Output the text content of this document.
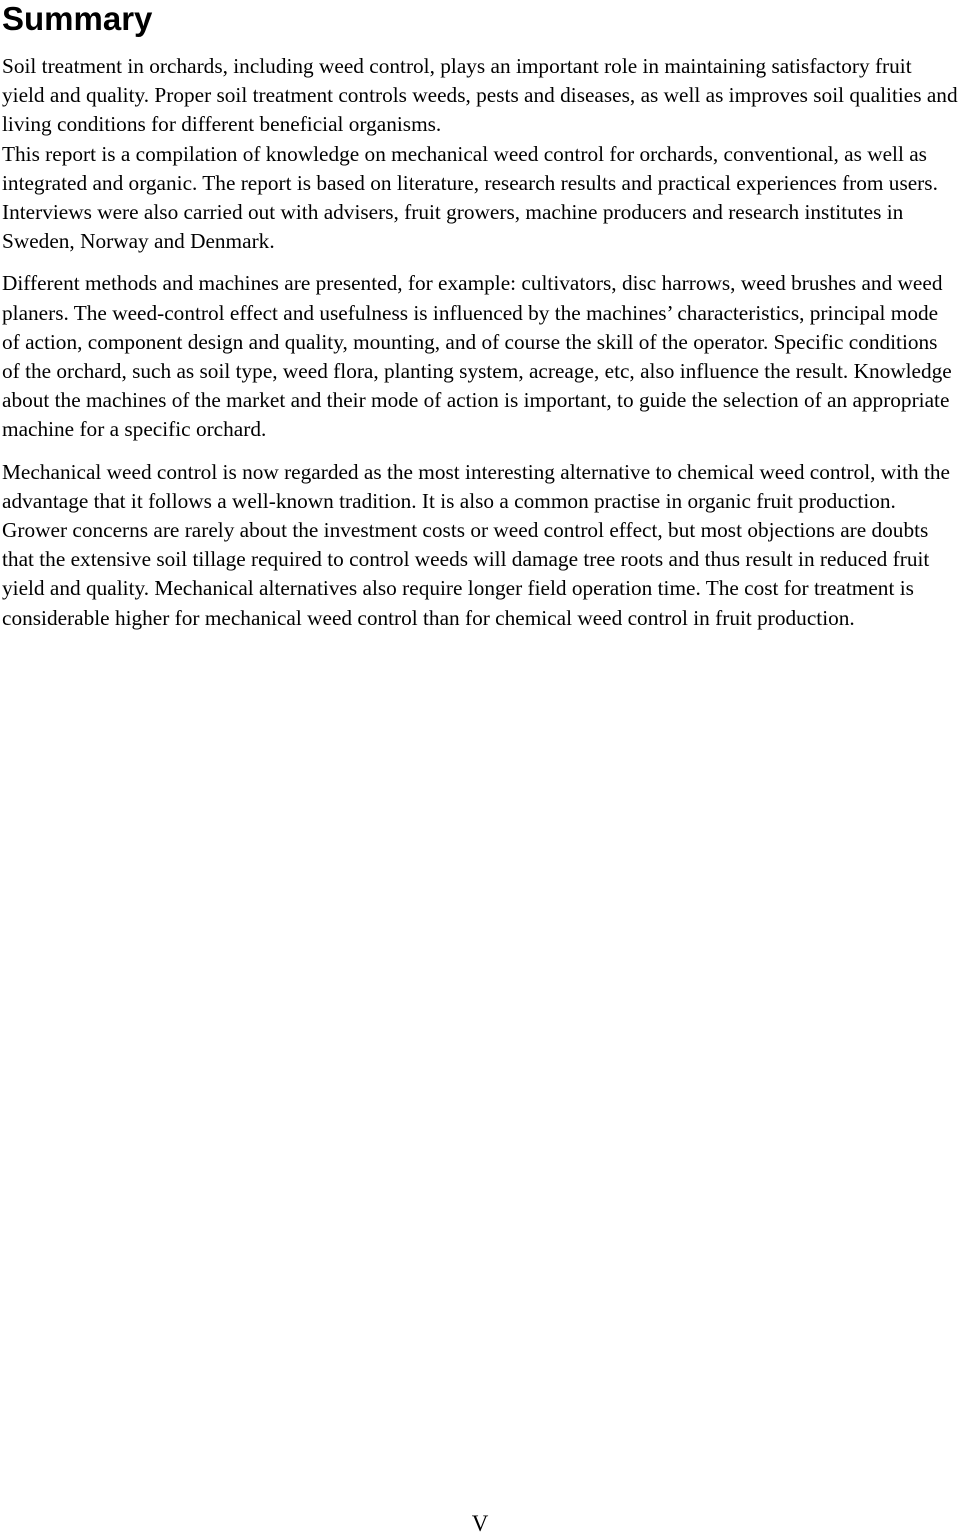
Summary

Soil treatment in orchards, including weed control, plays an important role in maintaining satisfactory fruit yield and quality. Proper soil treatment controls weeds, pests and diseases, as well as improves soil qualities and living conditions for different beneficial organisms.

This report is a compilation of knowledge on mechanical weed control for orchards, conventional, as well as integrated and organic. The report is based on literature, research results and practical experiences from users. Interviews were also carried out with advisers, fruit growers, machine producers and research institutes in Sweden, Norway and Denmark.

Different methods and machines are presented, for example: cultivators, disc harrows, weed brushes and weed planers. The weed-control effect and usefulness is influenced by the machines’ characteristics, principal mode of action, component design and quality, mounting, and of course the skill of the operator. Specific conditions of the orchard, such as soil type, weed flora, planting system, acreage, etc, also influence the result. Knowledge about the machines of the market and their mode of action is important, to guide the selection of an appropriate machine for a specific orchard.

Mechanical weed control is now regarded as the most interesting alternative to chemical weed control, with the advantage that it follows a well-known tradition. It is also a common practise in organic fruit production. Grower concerns are rarely about the investment costs or weed control effect, but most objections are doubts that the extensive soil tillage required to control weeds will damage tree roots and thus result in reduced fruit yield and quality. Mechanical alternatives also require longer field operation time. The cost for treatment is considerable higher for mechanical weed control than for chemical weed control in fruit production.

V
